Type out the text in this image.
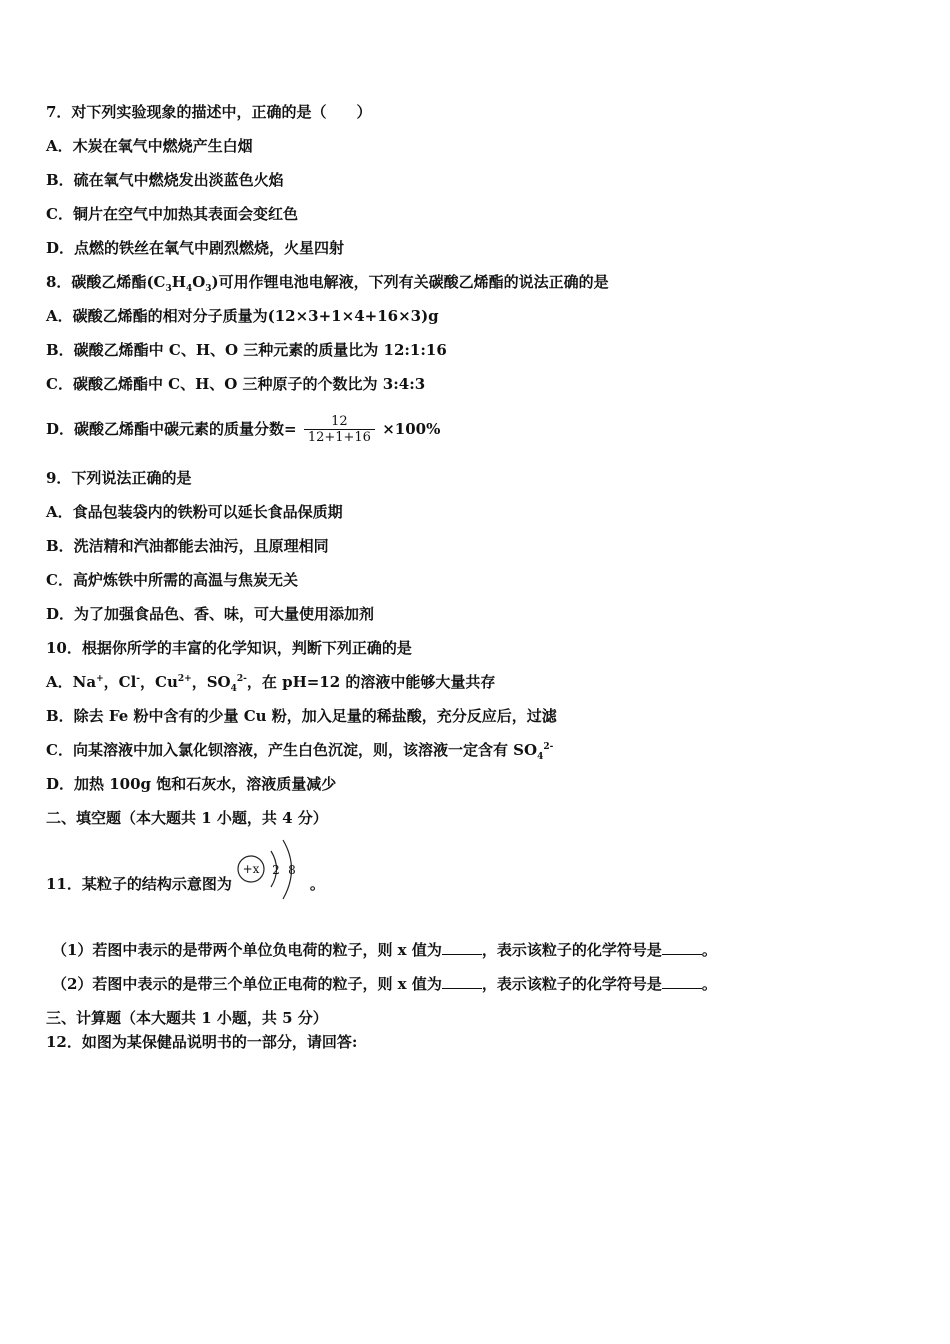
7．对下列实验现象的描述中，正确的是（　　）
A．木炭在氧气中燃烧产生白烟
B．硫在氧气中燃烧发出淡蓝色火焰
C．铜片在空气中加热其表面会变红色
D．点燃的铁丝在氧气中剧烈燃烧，火星四射
8．碳酸乙烯酯$(C_3H_4O_3)$可用作锂电池电解液，下列有关碳酸乙烯酯的说法正确的是
A．碳酸乙烯酯的相对分子质量为(12×3+1×4+16×3)g
B．碳酸乙烯酯中 C、H、O 三种元素的质量比为 12:1:16
C．碳酸乙烯酯中 C、H、O 三种原子的个数比为 3:4:3
D．碳酸乙烯酯中碳元素的质量分数= $\frac{12}{12+1+16} \times 100\%$
9．下列说法正确的是
A．食品包装袋内的铁粉可以延长食品保质期
B．洗洁精和汽油都能去油污，且原理相同
C．高炉炼铁中所需的高温与焦炭无关
D．为了加强食品色、香、味，可大量使用添加剂
10．根据你所学的丰富的化学知识，判断下列正确的是
A．Na+，Cl-，$Cu^{2+}$，$SO_4^{2-}$，在 pH=12 的溶液中能够大量共存
B．除去 Fe 粉中含有的少量 Cu 粉，加入足量的稀盐酸，充分反应后，过滤
C．向某溶液中加入氯化钡溶液，产生白色沉淀，则，该溶液一定含有 $SO_4^{2-}$
D．加热 100g 饱和石灰水，溶液质量减少
二、填空题（本大题共 1 小题，共 4 分）
11．某粒子的结构示意图为
+x 2 8
。
（1）若图中表示的是带两个单位负电荷的粒子，则 x 值为	，表示该粒子的化学符号是	。
（2）若图中表示的是带三个单位正电荷的粒子，则 x 值为	，表示该粒子的化学符号是	。
三、计算题（本大题共 1 小题，共 5 分）
12．如图为某保健品说明书的一部分，请回答:
